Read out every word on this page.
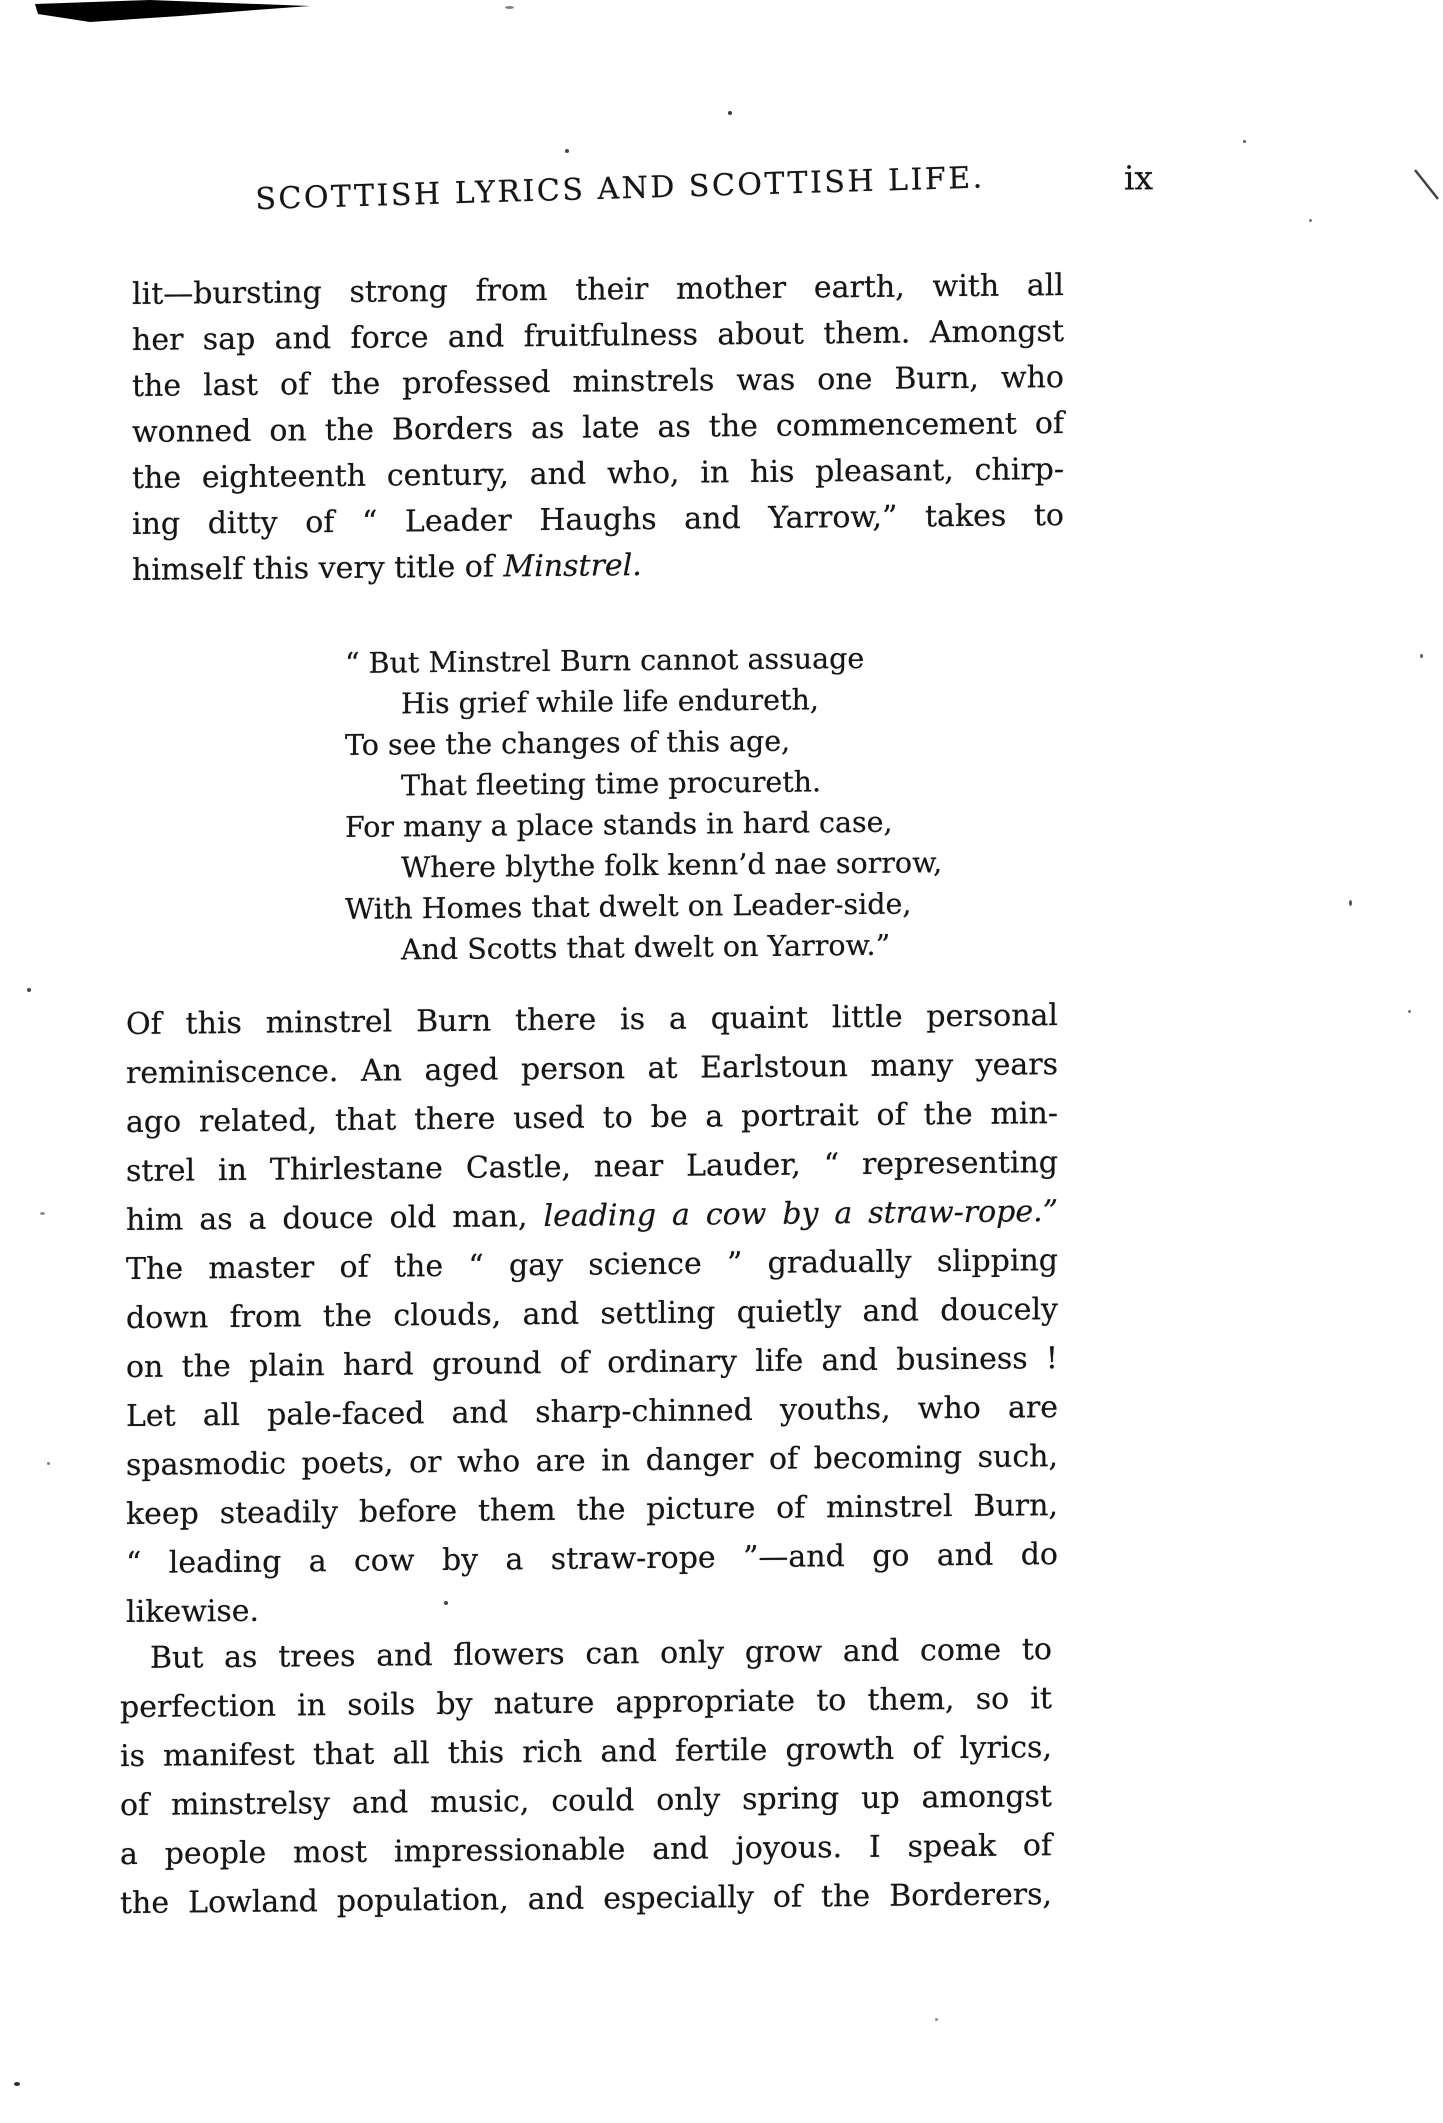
SCOTTISH LYRICS AND SCOTTISH LIFE.	ix
lit—bursting strong from their mother earth, with all
her sap and force and fruitfulness about them. Amongst
the last of the professed minstrels was one Burn, who
wonned on the Borders as late as the commencement of
the eighteenth century, and who, in his pleasant, chirp-
ing ditty of “ Leader Haughs and Yarrow,” takes to
himself this very title of Minstrel.
“ But Minstrel Burn cannot assuage
His grief while life endureth,
To see the changes of this age,
That fleeting time procureth.
For many a place stands in hard case,
Where blythe folk kenn’d nae sorrow,
With Homes that dwelt on Leader-side,
And Scotts that dwelt on Yarrow.”
Of this minstrel Burn there is a quaint little personal
reminiscence. An aged person at Earlstoun many years
ago related, that there used to be a portrait of the min-
strel in Thirlestane Castle, near Lauder, “ representing
him as a douce old man, leading a cow by a straw-rope.”
The master of the “ gay science ” gradually slipping
down from the clouds, and settling quietly and doucely
on the plain hard ground of ordinary life and business !
Let all pale-faced and sharp-chinned youths, who are
spasmodic poets, or who are in danger of becoming such,
keep steadily before them the picture of minstrel Burn,
“ leading a cow by a straw-rope ”—and go and do
likewise.
But as trees and flowers can only grow and come to
perfection in soils by nature appropriate to them, so it
is manifest that all this rich and fertile growth of lyrics,
of minstrelsy and music, could only spring up amongst
a people most impressionable and joyous. I speak of
the Lowland population, and especially of the Borderers,
